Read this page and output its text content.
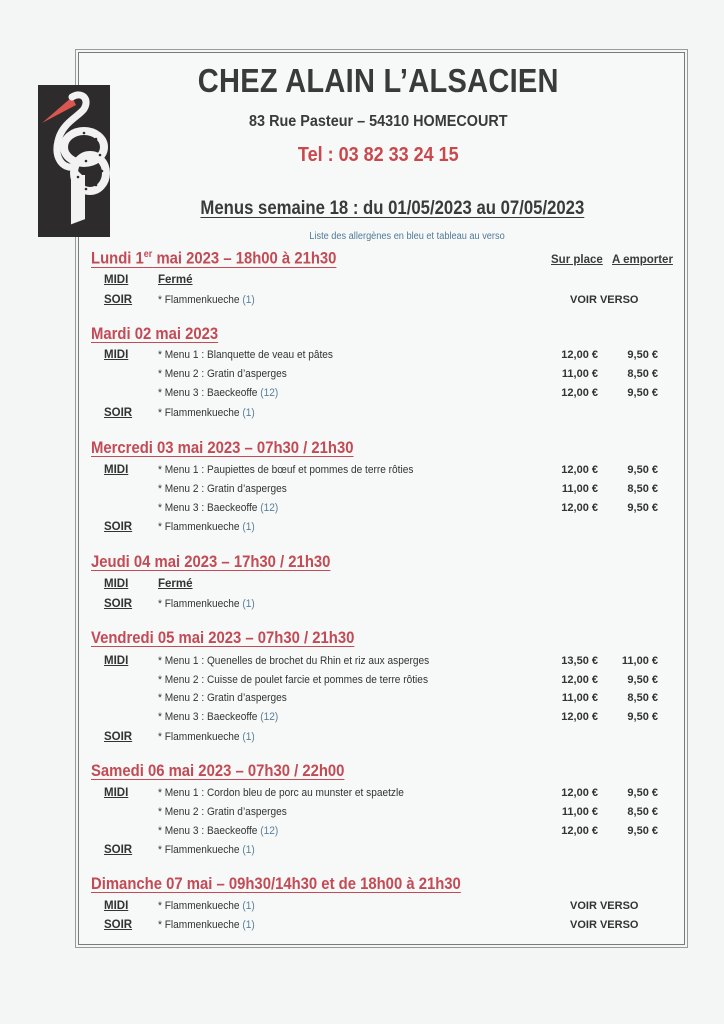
CHEZ ALAIN L’ALSACIEN
83 Rue Pasteur – 54310 HOMECOURT
Tel : 03 82 33 24 15
Menus semaine 18 : du 01/05/2023 au 07/05/2023
Liste des allergènes en bleu et tableau au verso
Sur place A emporter
Lundi 1er mai 2023 – 18h00 à 21h30
MIDI	Fermé
SOIR * Flammenkueche (1)	VOIR VERSO
Mardi 02 mai 2023
MIDI	* Menu 1 : Blanquette de veau et pâtes	12,00 €	9,50 €
* Menu 2 : Gratin d’asperges	11,00 €	8,50 €
* Menu 3 : Baeckeoffe (12)	12,00 €	9,50 €
SOIR * Flammenkueche (1)
Mercredi 03 mai 2023 – 07h30 / 21h30
MIDI	* Menu 1 : Paupiettes de bœuf et pommes de terre rôties	12,00 €	9,50 €
* Menu 2 : Gratin d’asperges	11,00 €	8,50 €
* Menu 3 : Baeckeoffe (12)	12,00 €	9,50 €
SOIR * Flammenkueche (1)
Jeudi 04 mai 2023 – 17h30 / 21h30
MIDI	Fermé
SOIR * Flammenkueche (1)
Vendredi 05 mai 2023 – 07h30 / 21h30
MIDI	* Menu 1 : Quenelles de brochet du Rhin et riz aux asperges	13,50 € 11,00 €
* Menu 2 : Cuisse de poulet farcie et pommes de terre rôties	12,00 €	9,50 €
* Menu 2 : Gratin d’asperges	11,00 €	8,50 €
* Menu 3 : Baeckeoffe (12)	12,00 €	9,50 €
SOIR * Flammenkueche (1)
Samedi 06 mai 2023 – 07h30 / 22h00
MIDI	* Menu 1 : Cordon bleu de porc au munster et spaetzle	12,00 €	9,50 €
* Menu 2 : Gratin d’asperges	11,00 €	8,50 €
* Menu 3 : Baeckeoffe (12)	12,00 €	9,50 €
SOIR * Flammenkueche (1)
Dimanche 07 mai – 09h30/14h30 et de 18h00 à 21h30
MIDI	* Flammenkueche (1)	VOIR VERSO
SOIR * Flammenkueche (1)	VOIR VERSO
